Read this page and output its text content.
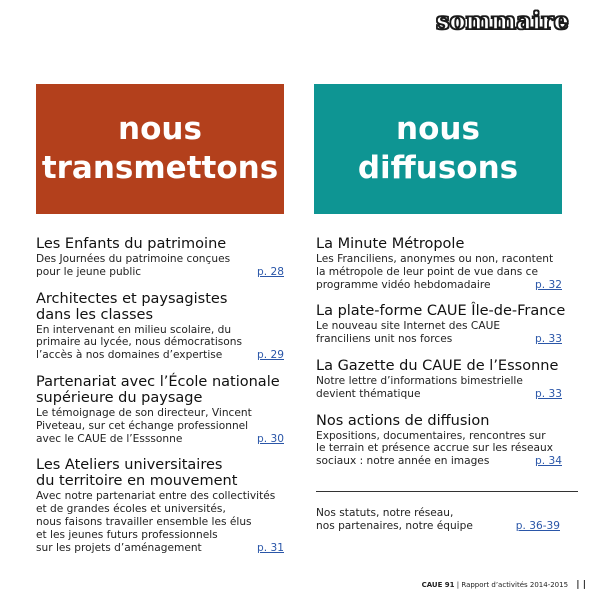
sommaire
nous
transmettons
nous
diffusons
Les Enfants du patrimoine
Des Journées du patrimoine conçues
pour le jeune public	p. 28
Architectes et paysagistes
dans les classes
En intervenant en milieu scolaire, du
primaire au lycée, nous démocratisons
l’accès à nos domaines d’expertise	p. 29
Partenariat avec l’École nationale
supérieure du paysage
Le témoignage de son directeur, Vincent
Piveteau, sur cet échange professionnel
avec le CAUE de l’Esssonne	p. 30
Les Ateliers universitaires
du territoire en mouvement
Avec notre partenariat entre des collectivités
et de grandes écoles et universités,
nous faisons travailler ensemble les élus
et les jeunes futurs professionnels
sur les projets d’aménagement	p. 31
La Minute Métropole
Les Franciliens, anonymes ou non, racontent
la métropole de leur point de vue dans ce
programme vidéo hebdomadaire	p. 32
La plate-forme CAUE Île-de-France
Le nouveau site Internet des CAUE
franciliens unit nos forces	p. 33
La Gazette du CAUE de l’Essonne
Notre lettre d’informations bimestrielle
devient thématique	p. 33
Nos actions de diffusion
Expositions, documentaires, rencontres sur
le terrain et présence accrue sur les réseaux
sociaux : notre année en images	p. 34
Nos statuts, notre réseau,
nos partenaires, notre équipe	p. 36-39
CAUE 91 | Rapport d’activités 2014-2015 | |
